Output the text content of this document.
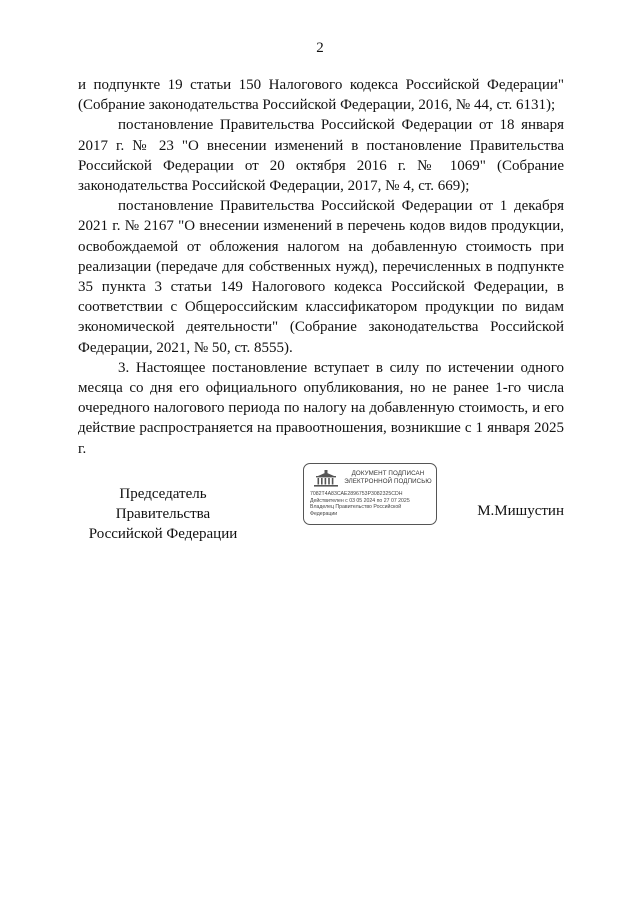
2

и подпункте 19 статьи 150 Налогового кодекса Российской Федерации" (Собрание законодательства Российской Федерации, 2016, № 44, ст. 6131);

постановление Правительства Российской Федерации от 18 января 2017 г. № 23 "О внесении изменений в постановление Правительства Российской Федерации от 20 октября 2016 г. № 1069" (Собрание законодательства Российской Федерации, 2017, № 4, ст. 669);

постановление Правительства Российской Федерации от 1 декабря 2021 г. № 2167 "О внесении изменений в перечень кодов видов продукции, освобождаемой от обложения налогом на добавленную стоимость при реализации (передаче для собственных нужд), перечисленных в подпункте 35 пункта 3 статьи 149 Налогового кодекса Российской Федерации, в соответствии с Общероссийским классификатором продукции по видам экономической деятельности" (Собрание законодательства Российской Федерации, 2021, № 50, ст. 8555).

3. Настоящее постановление вступает в силу по истечении одного месяца со дня его официального опубликования, но не ранее 1-го числа очередного налогового периода по налогу на добавленную стоимость, и его действие распространяется на правоотношения, возникшие с 1 января 2025 г.

Председатель Правительства
Российской Федерации
ДОКУМЕНТ ПОДПИСАН
ЭЛЕКТРОННОЙ ПОДПИСЬЮ
7082Т4А83САЕ2896753Р3082325СDH
Действителен с 03 05 2024 по 27 07 2025
Владелец Правительство Российской
Федерации	М.Мишустин
